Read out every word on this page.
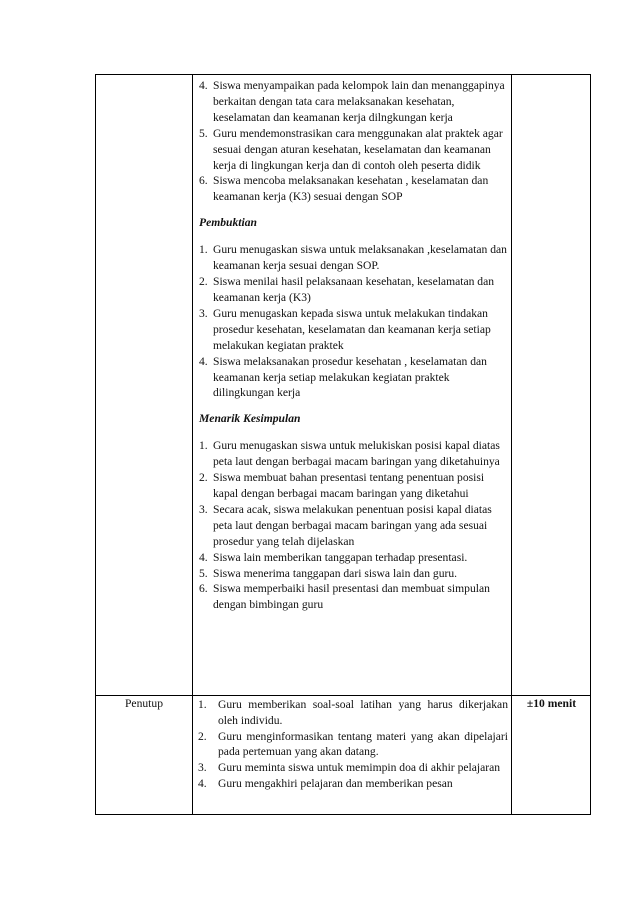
4. Siswa menyampaikan pada kelompok lain dan menanggapinya berkaitan dengan tata cara melaksanakan kesehatan, keselamatan dan keamanan kerja dilngkungan kerja
5. Guru mendemonstrasikan cara menggunakan alat praktek agar sesuai dengan aturan kesehatan, keselamatan dan keamanan kerja di lingkungan kerja dan di contoh oleh peserta didik
6. Siswa mencoba melaksanakan kesehatan , keselamatan dan keamanan kerja (K3) sesuai dengan SOP

Pembuktian

1. Guru menugaskan siswa untuk melaksanakan ,keselamatan dan keamanan kerja sesuai dengan SOP.
2. Siswa menilai hasil pelaksanaan kesehatan, keselamatan dan keamanan kerja (K3)
3. Guru menugaskan kepada siswa untuk melakukan tindakan prosedur kesehatan, keselamatan dan keamanan kerja setiap melakukan kegiatan praktek
4. Siswa melaksanakan prosedur kesehatan , keselamatan dan keamanan kerja setiap melakukan kegiatan praktek dilingkungan kerja

Menarik Kesimpulan

1. Guru menugaskan siswa untuk melukiskan posisi kapal diatas peta laut dengan berbagai macam baringan yang diketahuinya
2. Siswa membuat bahan presentasi tentang penentuan posisi kapal dengan berbagai macam baringan yang diketahui
3. Secara acak, siswa melakukan penentuan posisi kapal diatas peta laut dengan berbagai macam baringan yang ada sesuai prosedur yang telah dijelaskan
4. Siswa lain memberikan tanggapan terhadap presentasi.
5. Siswa menerima tanggapan dari siswa lain dan guru.
6. Siswa memperbaiki hasil presentasi dan membuat simpulan dengan bimbingan guru
Penutup	1. Guru memberikan soal-soal latihan yang harus dikerjakan oleh individu.
2. Guru menginformasikan tentang materi yang akan dipelajari pada pertemuan yang akan datang.
3. Guru meminta siswa untuk memimpin doa di akhir pelajaran
4. Guru mengakhiri pelajaran dan memberikan pesan
±10 menit
